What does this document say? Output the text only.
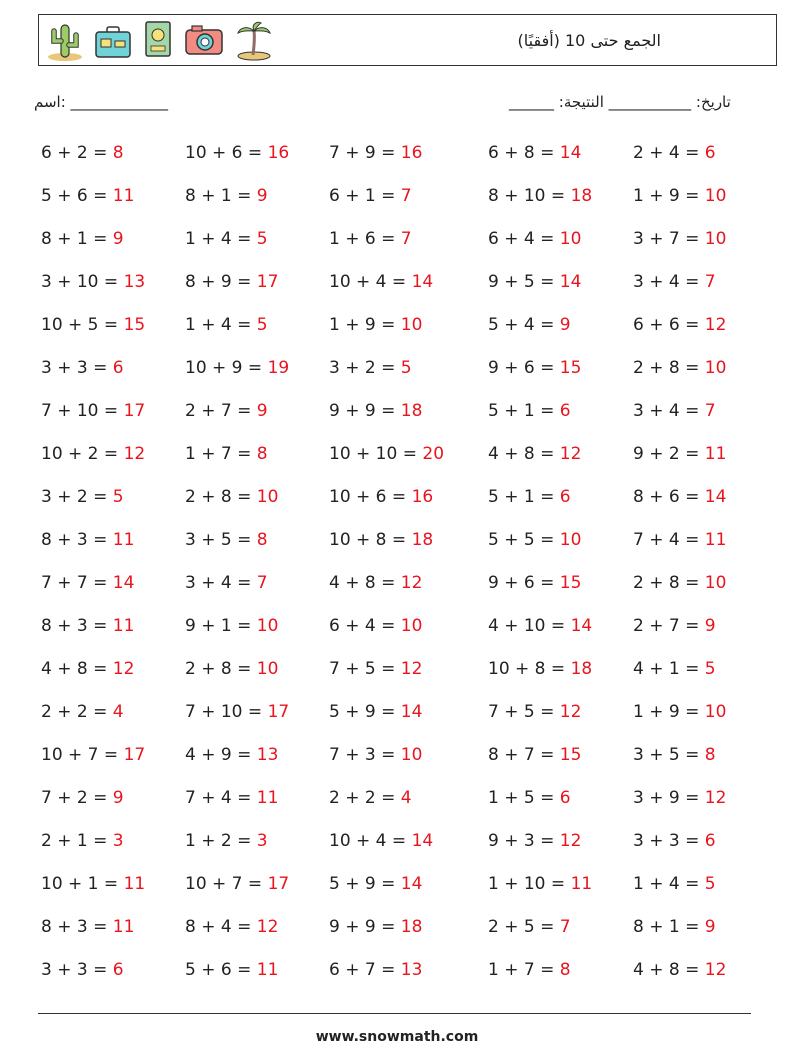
الجمع حتى 10 (أفقيًا)
اسم: _____________	______ :تاريخ: ___________ النتيجة
6 + 2 = 8	10 + 6 = 16 7 + 9 = 16	6 + 8 = 14	2 + 4 = 6
5 + 6 = 11	8 + 1 = 9	6 + 1 = 7	8 + 10 = 18 1 + 9 = 10
8 + 1 = 9	1 + 4 = 5	1 + 6 = 7	6 + 4 = 10	3 + 7 = 10
3 + 10 = 13 8 + 9 = 17	10 + 4 = 14	9 + 5 = 14	3 + 4 = 7
10 + 5 = 15 1 + 4 = 5	1 + 9 = 10	5 + 4 = 9	6 + 6 = 12
3 + 3 = 6	10 + 9 = 19 3 + 2 = 5	9 + 6 = 15	2 + 8 = 10
7 + 10 = 17 2 + 7 = 9	9 + 9 = 18	5 + 1 = 6	3 + 4 = 7
10 + 2 = 12 1 + 7 = 8	10 + 10 = 20	4 + 8 = 12	9 + 2 = 11
3 + 2 = 5	2 + 8 = 10	10 + 6 = 16	5 + 1 = 6	8 + 6 = 14
8 + 3 = 11	3 + 5 = 8	10 + 8 = 18	5 + 5 = 10	7 + 4 = 11
7 + 7 = 14	3 + 4 = 7	4 + 8 = 12	9 + 6 = 15	2 + 8 = 10
8 + 3 = 11	9 + 1 = 10	6 + 4 = 10	4 + 10 = 14 2 + 7 = 9
4 + 8 = 12	2 + 8 = 10	7 + 5 = 12	10 + 8 = 18 4 + 1 = 5
2 + 2 = 4	7 + 10 = 17 5 + 9 = 14	7 + 5 = 12	1 + 9 = 10
10 + 7 = 17 4 + 9 = 13	7 + 3 = 10	8 + 7 = 15	3 + 5 = 8
7 + 2 = 9	7 + 4 = 11	2 + 2 = 4	1 + 5 = 6	3 + 9 = 12
2 + 1 = 3	1 + 2 = 3	10 + 4 = 14	9 + 3 = 12	3 + 3 = 6
10 + 1 = 11 10 + 7 = 17 5 + 9 = 14	1 + 10 = 11 1 + 4 = 5
8 + 3 = 11	8 + 4 = 12	9 + 9 = 18	2 + 5 = 7	8 + 1 = 9
3 + 3 = 6	5 + 6 = 11	6 + 7 = 13	1 + 7 = 8	4 + 8 = 12
www.snowmath.com
